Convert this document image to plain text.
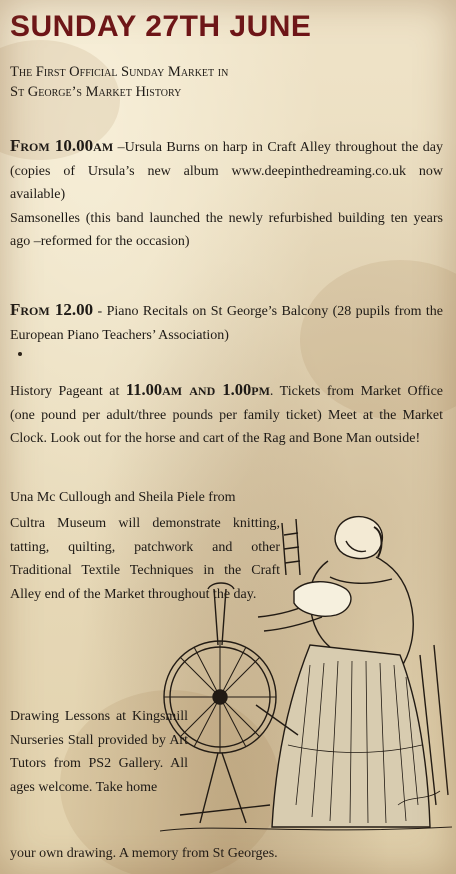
SUNDAY 27TH JUNE
The First Official Sunday Market in
St George’s Market History
From 10.00am –Ursula Burns on harp in Craft Alley throughout the day (copies of Ursula’s new album www.deepinthedreaming.co.uk now available)
Samsonelles (this band launched the newly refurbished building ten years ago –reformed for the occasion)
From 12.00 - Piano Recitals on St George’s Balcony (28 pupils from the European Piano Teachers’ Association)
History Pageant at 11.00am and 1.00pm. Tickets from Market Office (one pound per adult/three pounds per family ticket) Meet at the Market Clock. Look out for the horse and cart of the Rag and Bone Man outside!
Una Mc Cullough and Sheila Piele from
Cultra Museum will demonstrate knitting, tatting, quilting, patchwork and other Traditional Textile Techniques in the Craft Alley end of the Market throughout the day.
Drawing Lessons at Kingsmill Nurseries Stall provided by Art Tutors from PS2 Gallery. All ages welcome. Take home
your own drawing. A memory from St Georges.
